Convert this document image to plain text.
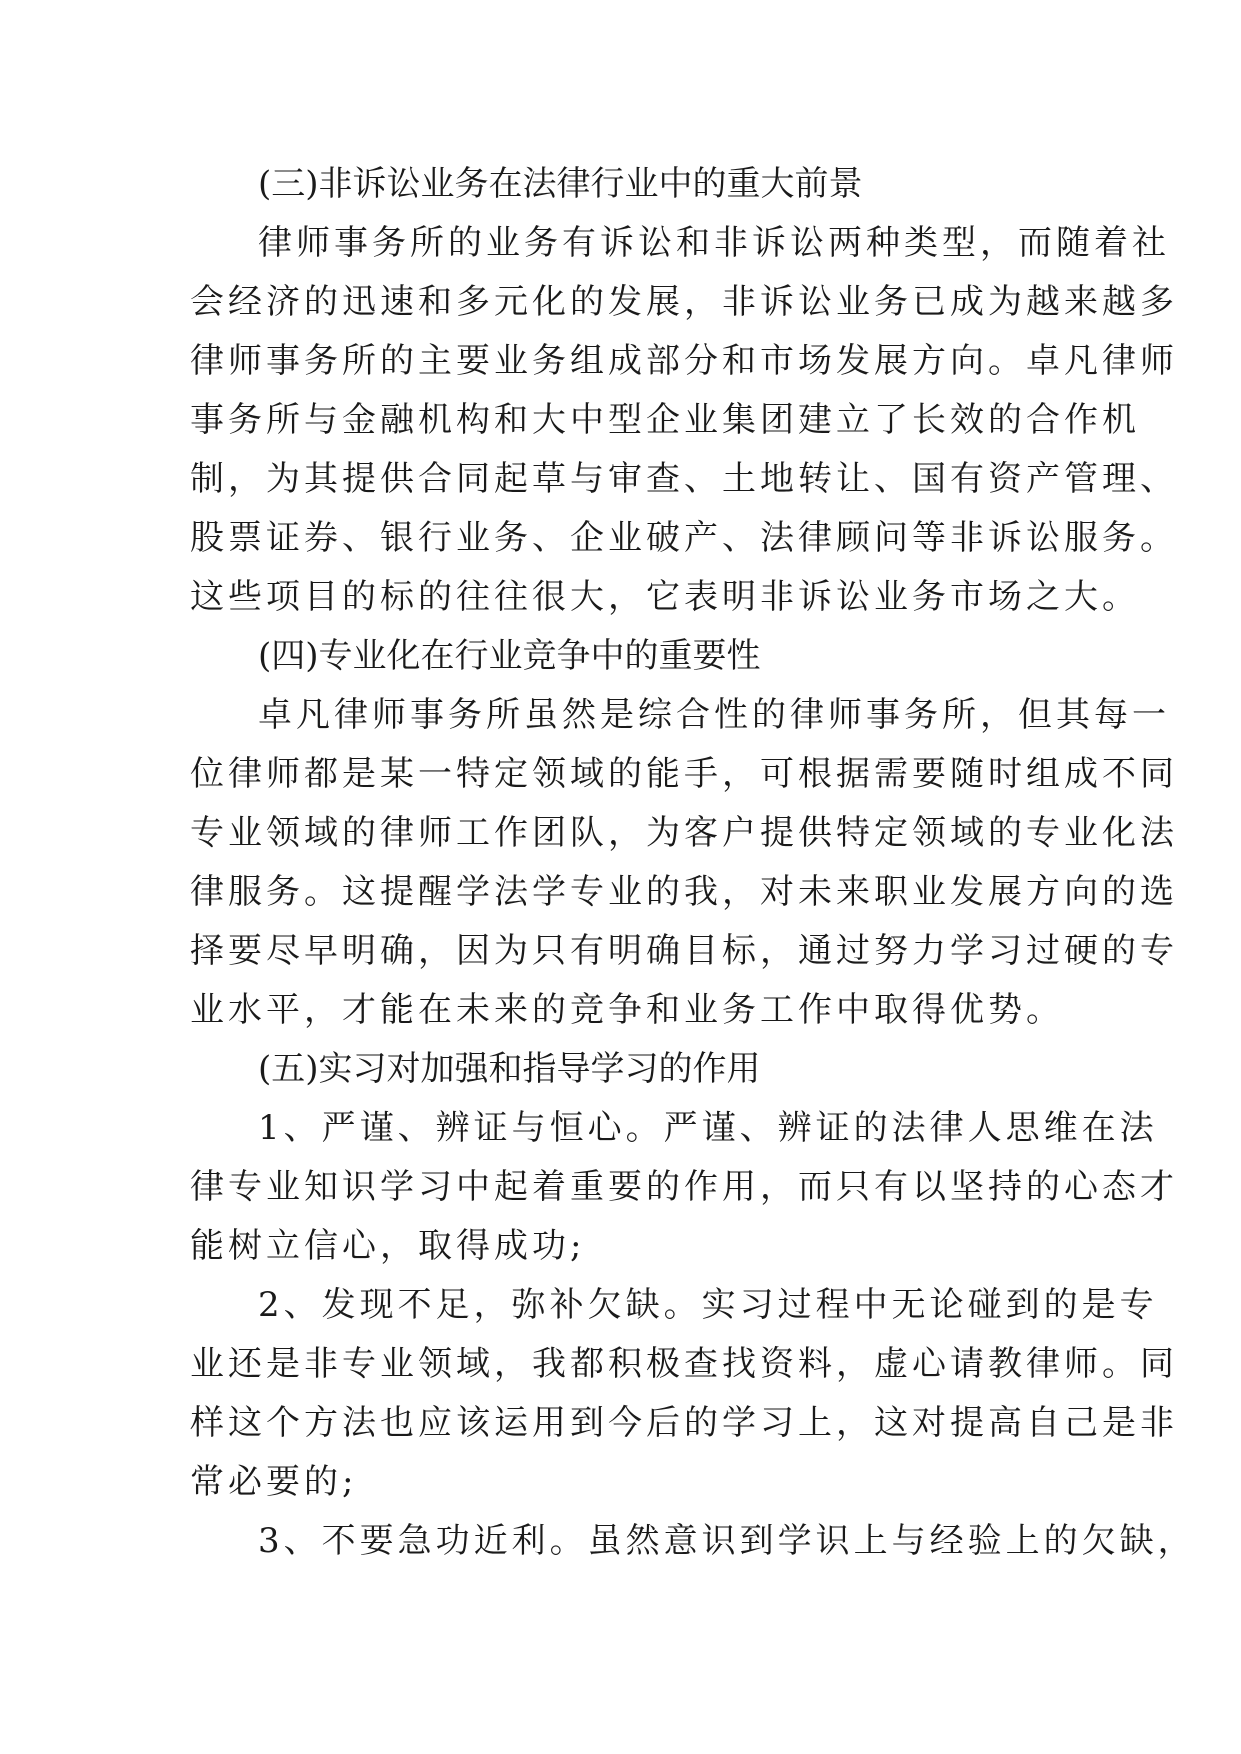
(三)非诉讼业务在法律行业中的重大前景

律师事务所的业务有诉讼和非诉讼两种类型，而随着社
会经济的迅速和多元化的发展，非诉讼业务已成为越来越多
律师事务所的主要业务组成部分和市场发展方向。卓凡律师
事务所与金融机构和大中型企业集团建立了长效的合作机
制，为其提供合同起草与审查、土地转让、国有资产管理、
股票证券、银行业务、企业破产、法律顾问等非诉讼服务。
这些项目的标的往往很大，它表明非诉讼业务市场之大。

(四)专业化在行业竞争中的重要性

卓凡律师事务所虽然是综合性的律师事务所，但其每一
位律师都是某一特定领域的能手，可根据需要随时组成不同
专业领域的律师工作团队，为客户提供特定领域的专业化法
律服务。这提醒学法学专业的我，对未来职业发展方向的选
择要尽早明确，因为只有明确目标，通过努力学习过硬的专
业水平，才能在未来的竞争和业务工作中取得优势。

(五)实习对加强和指导学习的作用

1、严谨、辨证与恒心。严谨、辨证的法律人思维在法
律专业知识学习中起着重要的作用，而只有以坚持的心态才
能树立信心，取得成功;

2、发现不足，弥补欠缺。实习过程中无论碰到的是专
业还是非专业领域，我都积极查找资料，虚心请教律师。同
样这个方法也应该运用到今后的学习上，这对提高自己是非
常必要的;

3、不要急功近利。虽然意识到学识上与经验上的欠缺，
